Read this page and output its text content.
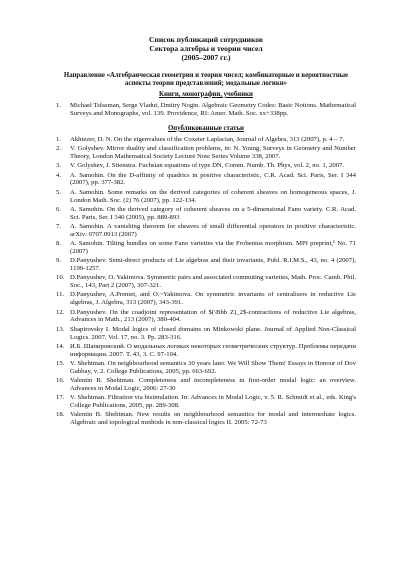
Список публикаций сотрудников
Сектора алгебры и теории чисел
(2005–2007 гг.)
Направление «Алгебраическая геометрия и теория чисел; комбинаторные и вероятностные аспекты теории представлений; модальные логики»
Книги, монографии, учебники
1.	Michael Tsfasman, Serge Vladut, Dmitry Nogin. Algebraic Geometry Codes: Basic Notions. Mathematical Surveys and Monographs, vol. 139. Providence, RI: Amer. Math. Soc. xx+338pp.
Опубликованные статьи
1.	Akhiezer, D. N. On the eigenvalues of the Coxeter Laplacian, Journal of Algebra, 313 (2007), p. 4 – 7.
2.	V. Golyshev. Mirror duality and classification problems, in: N. Young, Surveys in Geometry and Number Theory, London Mathematical Society Lecture Note Series Volume 338, 2007.
3.	V. Golyshev, J. Stienstra. Fuchsian equations of type DN, Comm. Numb. Th. Phys, vol. 2, no. 1, 2007.
4.	A. Samohin. On the D-affinity of quadrics in positive characteristic, C.R. Acad. Sci. Paris, Ser. I 344 (2007), pp. 377-382.
5.	A. Samohin. Some remarks on the derived categories of coherent sheaves on homogeneous spaces, J. London Math. Soc. (2) 76 (2007), pp. 122-134.
6.	A. Samohin. On the derived category of coherent sheaves on a 5-dimensional Fano variety. C.R. Acad. Sci. Paris, Ser. I 340 (2005), pp. 889-893
7.	A. Samohin. A vanishing theorem for sheaves of small differential operators in positive characteristic. arXiv: 0707.0913 (2007)
8.	A. Samohin. Tilting bundles on some Fano varieties via the Frobenius morphism. MPI preprint,¹ No. 71 (2007)
9.	D.Panyushev. Semi-direct products of Lie algebras and their invariants, Publ. R.I.M.S., 43, no. 4 (2007), 1199-1257.
10. D.Panyushev, O. Yakimova. Symmetric pairs and associated commuting varieties, Math. Proc. Camb. Phil. Soc., 143, Part 2 (2007), 307-321.
11. D.Panyushev, A.Premet, and O.~Yakimova. On symmetric invariants of centralisers in reductive Lie algebras, J. Algebra, 313 (2007), 343-391.
12. D.Panyushev. On the coadjoint representation of $(\Bbb Z)_2$-contractions of reductive Lie algebras, Advances in Math., 213 (2007), 380-404.
13. Shapirovsky I. Modal logics of closed domains on Minkowski plane. Journal of Applied Non-Classical Logics. 2007. Vol. 17, no. 3. Pp. 283-316.
14. И.Б. Шапировский. О модальных логиках некоторых геометрических структур. Проблемы передачи информации. 2007. Т. 43, 3. С. 97-104.
15. V. Shehtman. On neighbourhood semantics 30 years later. We Will Show Them! Essays in Honour of Dov Gabbay, v. 2. College Publications, 2005, pp. 663-692.
16. Valentin B. Shehtman. Completeness and incompleteness in first-order modal logic: an overview. Advances in Modal Logic, 2006: 27-30
17. V. Shehtman. Filtration via bisimulation. In: Advances in Modal Logic, v. 5. R. Schmidt et al., eds. King's College Publications, 2005, pp. 289-308.
18. Valentin B. Shehtman. New results on neighbourhood semantics for modal and intermediate logics. Algebraic and topological methods in non-classical logics II. 2005: 72-73
